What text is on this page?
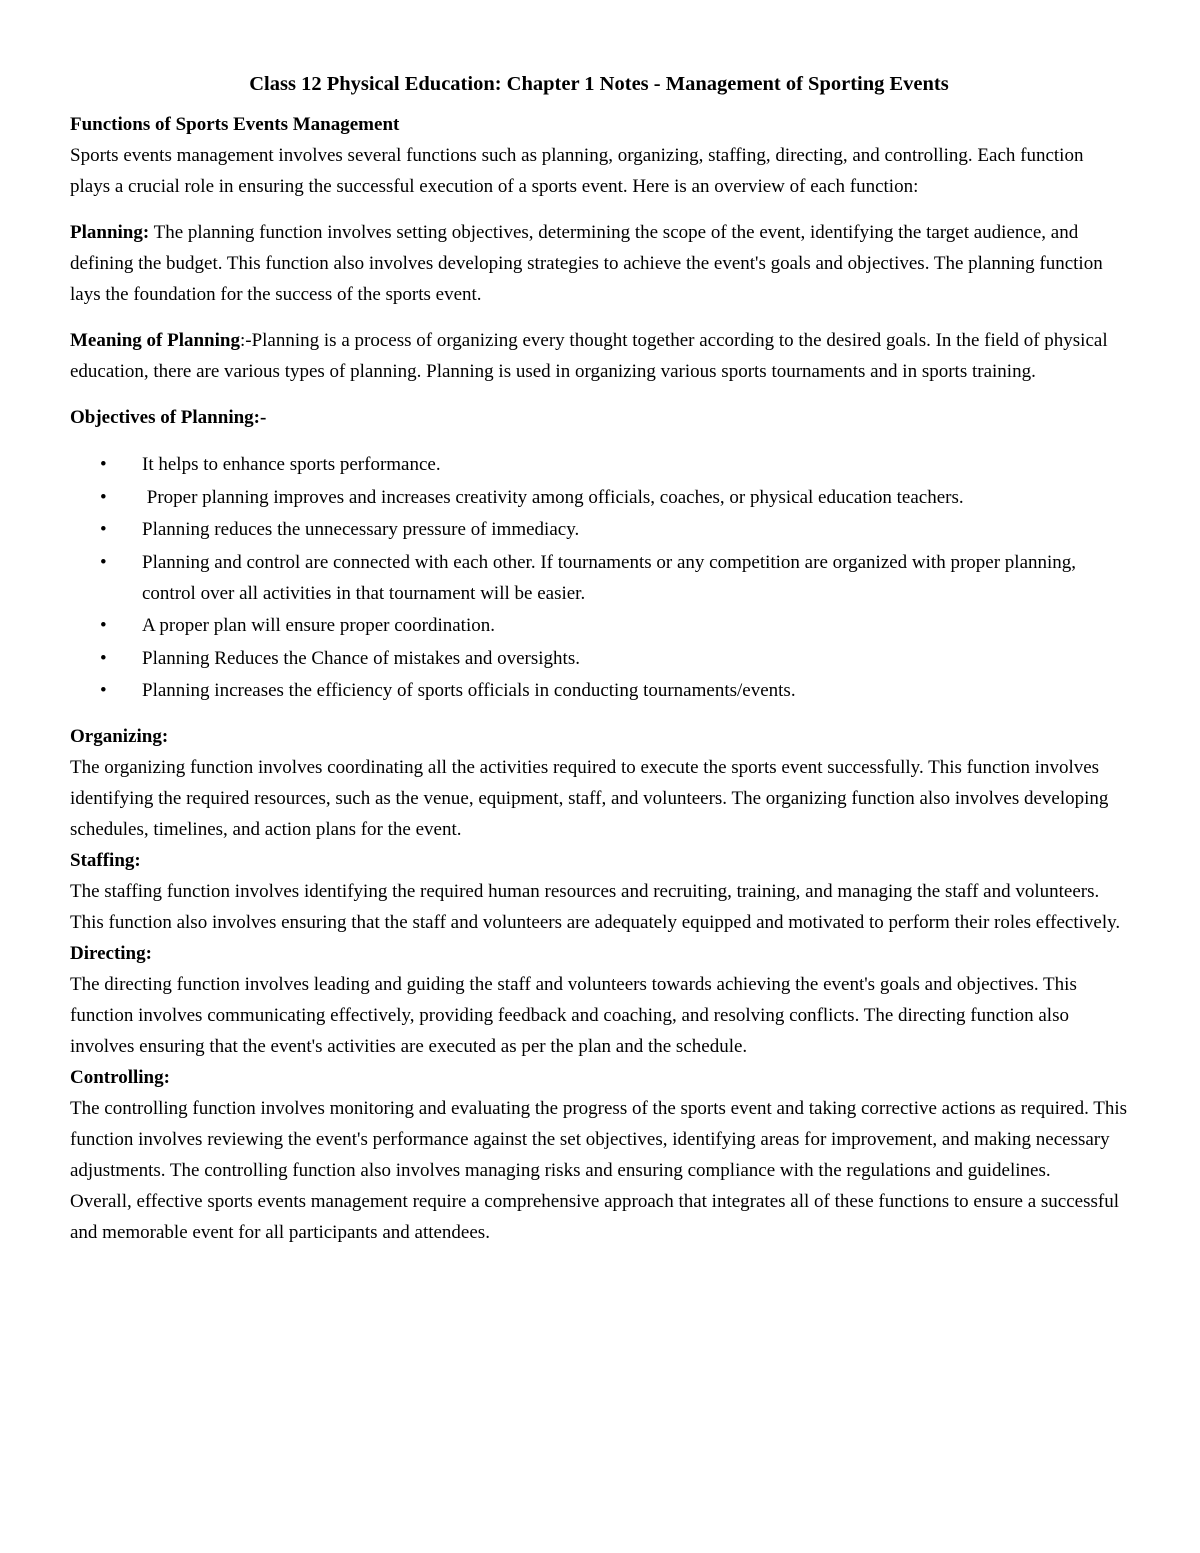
Class 12 Physical Education: Chapter 1 Notes - Management of Sporting Events
Functions of Sports Events Management

Sports events management involves several functions such as planning, organizing, staffing, directing, and controlling. Each function plays a crucial role in ensuring the successful execution of a sports event. Here is an overview of each function:

Planning: The planning function involves setting objectives, determining the scope of the event, identifying the target audience, and defining the budget. This function also involves developing strategies to achieve the event's goals and objectives. The planning function lays the foundation for the success of the sports event.

Meaning of Planning:-Planning is a process of organizing every thought together according to the desired goals. In the field of physical education, there are various types of planning. Planning is used in organizing various sports tournaments and in sports training.

Objectives of Planning:-
• It helps to enhance sports performance.
• Proper planning improves and increases creativity among officials, coaches, or physical education teachers.
• Planning reduces the unnecessary pressure of immediacy.
• Planning and control are connected with each other. If tournaments or any competition are organized with proper planning, control over all activities in that tournament will be easier.
• A proper plan will ensure proper coordination.
• Planning Reduces the Chance of mistakes and oversights.
• Planning increases the efficiency of sports officials in conducting tournaments/events.
Organizing:

The organizing function involves coordinating all the activities required to execute the sports event successfully. This function involves identifying the required resources, such as the venue, equipment, staff, and volunteers. The organizing function also involves developing schedules, timelines, and action plans for the event.

Staffing:

The staffing function involves identifying the required human resources and recruiting, training, and managing the staff and volunteers. This function also involves ensuring that the staff and volunteers are adequately equipped and motivated to perform their roles effectively.

Directing:

The directing function involves leading and guiding the staff and volunteers towards achieving the event's goals and objectives. This function involves communicating effectively, providing feedback and coaching, and resolving conflicts. The directing function also involves ensuring that the event's activities are executed as per the plan and the schedule.

Controlling:

The controlling function involves monitoring and evaluating the progress of the sports event and taking corrective actions as required. This function involves reviewing the event's performance against the set objectives, identifying areas for improvement, and making necessary adjustments. The controlling function also involves managing risks and ensuring compliance with the regulations and guidelines.

Overall, effective sports events management require a comprehensive approach that integrates all of these functions to ensure a successful and memorable event for all participants and attendees.
